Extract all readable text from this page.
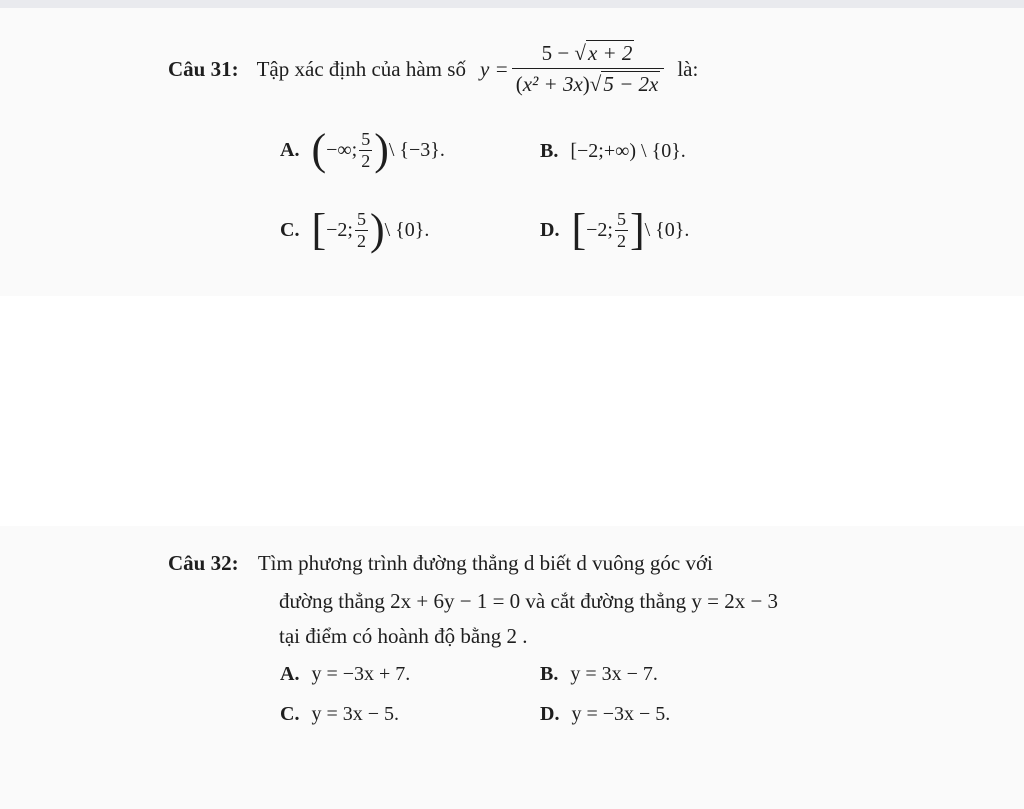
Câu 31: Tập xác định của hàm số $y = \frac{5 - √x + 2}{\text{(x² + 3x)√5 − 2x}}$ là:
A. ( −∞; $\frac{5}{2}$ ) \ {−3}.	B. [−2;+∞) \ {0}.
C. [ −2; $\frac{5}{2}$ ) \ {0}.	D. [ −2; $\frac{5}{2}$ ] \ {0}.
Câu 32: Tìm phương trình đường thẳng d biết d vuông góc với
đường thẳng 2x + 6y − 1 = 0 và cắt đường thẳng y = 2x − 3
tại điểm có hoành độ bằng 2 .
A. y = −3x + 7.	B. y = 3x − 7.
C. y = 3x − 5.	D. y = −3x − 5.
